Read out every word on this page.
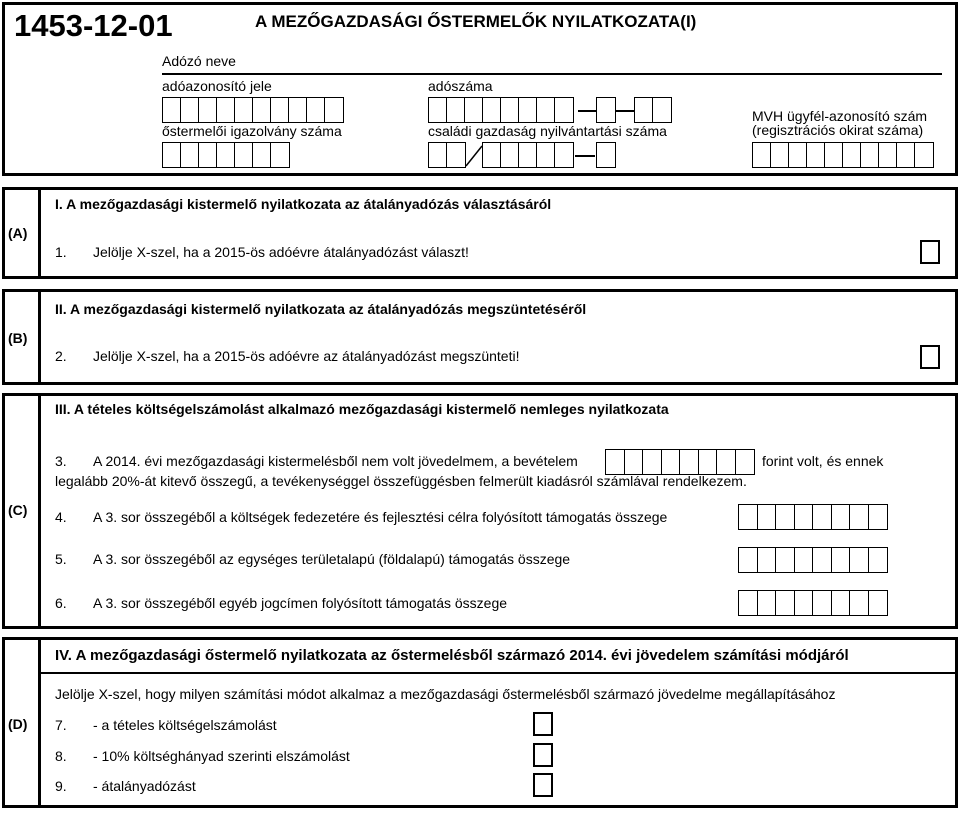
1453-12-01	A MEZŐGAZDASÁGI ŐSTERMELŐK NYILATKOZATA(I)
Adózó neve
adóazonosító jele	adószáma
MVH ügyfél-azonosító szám
(regisztrációs okirat száma)
őstermelői igazolvány száma	családi gazdaság nyilvántartási száma
(A)
I. A mezőgazdasági kistermelő nyilatkozata az átalányadózás választásáról
1. Jelölje X-szel, ha a 2015-ös adóévre átalányadózást választ!
(B)
II. A mezőgazdasági kistermelő nyilatkozata az átalányadózás megszüntetéséről
2. Jelölje X-szel, ha a 2015-ös adóévre az átalányadózást megszünteti!
(C)
III. A tételes költségelszámolást alkalmazó mezőgazdasági kistermelő nemleges nyilatkozata
3. A 2014. évi mezőgazdasági kistermelésből nem volt jövedelmem, a bevételem	forint volt, és ennek
legalább 20%-át kitevő összegű, a tevékenységgel összefüggésben felmerült kiadásról számlával rendelkezem.
4. A 3. sor összegéből a költségek fedezetére és fejlesztési célra folyósított támogatás összege
5. A 3. sor összegéből az egységes területalapú (földalapú) támogatás összege
6. A 3. sor összegéből egyéb jogcímen folyósított támogatás összege
(D)
IV. A mezőgazdasági őstermelő nyilatkozata az őstermelésből származó 2014. évi jövedelem számítási módjáról
Jelölje X-szel, hogy milyen számítási módot alkalmaz a mezőgazdasági őstermelésből származó jövedelme megállapításához
7. - a tételes költségelszámolást
8. - 10% költséghányad szerinti elszámolást
9. - átalányadózást
